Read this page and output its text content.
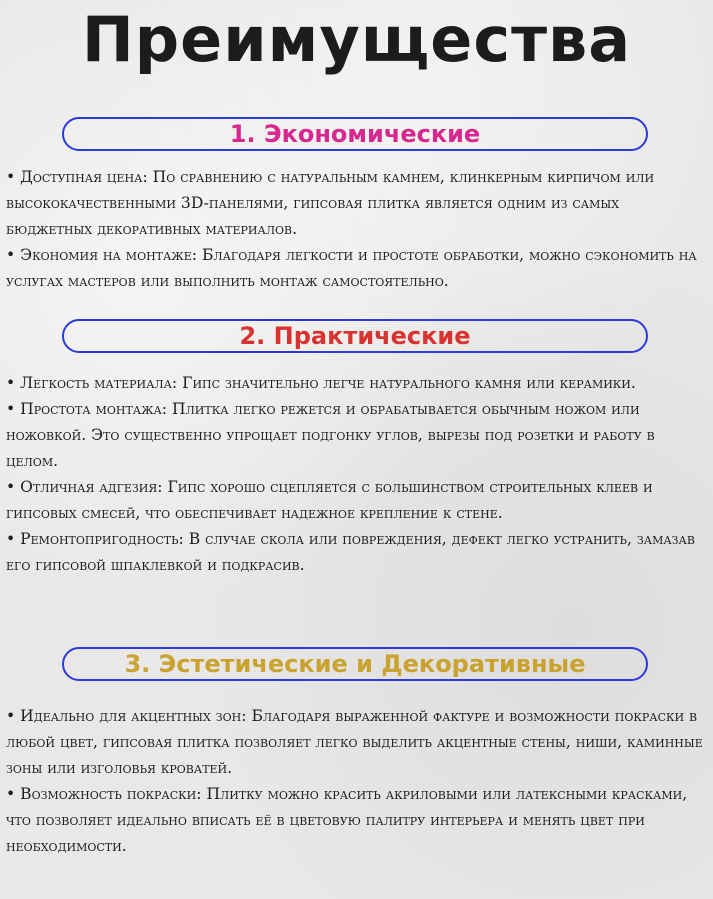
Преимущества
1. Экономические

• Доступная цена: По сравнению с натуральным камнем, клинкерным кирпичом или высококачественными 3D-панелями, гипсовая плитка является одним из самых бюджетных декоративных материалов.

• Экономия на монтаже: Благодаря легкости и простоте обработки, можно сэкономить на услугах мастеров или выполнить монтаж самостоятельно.

2. Практические

• Легкость материала: Гипс значительно легче натурального камня или керамики.

• Простота монтажа: Плитка легко режется и обрабатывается обычным ножом или ножовкой. Это существенно упрощает подгонку углов, вырезы под розетки и работу в целом.

• Отличная адгезия: Гипс хорошо сцепляется с большинством строительных клеев и гипсовых смесей, что обеспечивает надежное крепление к стене.

• Ремонтопригодность: В случае скола или повреждения, дефект легко устранить, замазав его гипсовой шпаклевкой и подкрасив.

3. Эстетические и Декоративные

• Идеально для акцентных зон: Благодаря выраженной фактуре и возможности покраски в любой цвет, гипсовая плитка позволяет легко выделить акцентные стены, ниши, каминные зоны или изголовья кроватей.

• Возможность покраски: Плитку можно красить акриловыми или латексными красками, что позволяет идеально вписать её в цветовую палитру интерьера и менять цвет при необходимости.
